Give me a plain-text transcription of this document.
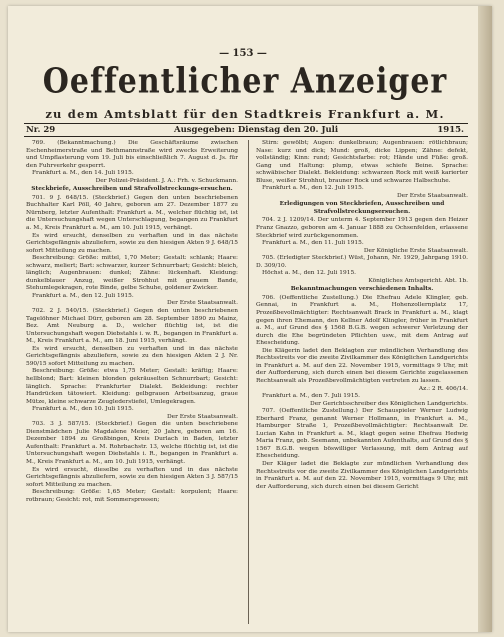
— 153 —
Oeffentlicher Anzeiger
zu dem Amtsblatt für den Stadtkreis Frankfurt a. M.
Nr. 29	Ausgegeben: Dienstag den 20. Juli	1915.

769. (Bekanntmachung.) Die Geschäftsräume zwischen Eschenheimerstraße und Bethmannstraße wird zwecks Erweiterung und Umpflasterung vom 19. Juli bis einschließlich 7. August d. Js. für den Fuhrverkehr gesperrt.

Frankfurt a. M., den 14. Juli 1915.

Der Polizei-Präsident. J. A.: Frh. v. Schuckmann.

Steckbriefe, Ausschreiben und Strafvollstreckungs-ersuchen.

701. 9 J. 648/15. (Steckbrief.) Gegen den unten beschriebenen Buchhalter Karl Pöll, 40 Jahre, geboren am 27. Dezember 1877 zu Nürnberg, letzter Aufenthalt: Frankfurt a. M., welcher flüchtig ist, ist die Untersuchungshaft wegen Unterschlagung, begangen zu Frankfurt a. M., Kreis Frankfurt a. M., am 10. Juli 1915, verhängt.

Es wird ersucht, denselben zu verhaften und in das nächste Gerichtsgefängnis abzuliefern, sowie zu den hiesigen Akten 9 J. 648/15 sofort Mitteilung zu machen.

Beschreibung: Größe: mittel, 1,70 Meter; Gestalt: schlank; Haare: schwarz, meliert; Bart: schwarzer, kurzer Schnurrbart; Gesicht: bleich, länglich; Augenbrauen: dunkel; Zähne: lückenhaft. Kleidung: dunkelblauer Anzug, weißer Strohhut mit grauem Bande, Stehumlegekragen, rote Binde, gelbe Schuhe, goldener Zwicker.

Frankfurt a. M., den 12. Juli 1915.

Der Erste Staatsanwalt.

702. 2 J. 540/15. (Steckbrief.) Gegen den unten beschriebenen Tagelöhner Michael Dürr, geboren am 28. September 1890 zu Mainz, Bez. Amt Neuburg a. D., welcher flüchtig ist, ist die Untersuchungshaft wegen Diebstahls i. w. R., begangen in Frankfurt a. M., Kreis Frankfurt a. M., am 18. Juni 1915, verhängt.

Es wird ersucht, denselben zu verhaften und in das nächste Gerichtsgefängnis abzuliefern, sowie zu den hiesigen Akten 2 J. Nr. 590/15 sofort Mitteilung zu machen.

Beschreibung: Größe: etwa 1,75 Meter; Gestalt: kräftig; Haare: hellblond; Bart: kleinen blonden gekräuselten Schnurrbart; Gesicht: länglich. Sprache: Frankfurter Dialekt. Bekleidung: rechter Handrücken tätowiert. Kleidung: gelbgrauen Arbeitsanzug, graue Mütze, kleine schwarze Zeuglederstiefel, Umlegekragen.

Frankfurt a. M., den 10. Juli 1915.

Der Erste Staatsanwalt.

703. 3 J. 587/15. (Steckbrief.) Gegen die unten beschriebene Dienstmädchen Julie Magdalene Meier, 20 Jahre, geboren am 16. Dezember 1894 zu Großbingen, Kreis Durlach in Baden, letzter Aufenthalt: Frankfurt a. M. Rohrbachstr. 13, welche flüchtig ist, ist die Untersuchungshaft wegen Diebstahls i. R., begangen in Frankfurt a. M., Kreis Frankfurt a. M., am 10. Juli 1915, verhängt.

Es wird ersucht, dieselbe zu verhaften und in das nächste Gerichtsgefängnis abzuliefern, sowie zu den hiesigen Akten 3 J. 587/15 sofort Mitteilung zu machen.

Beschreibung: Größe: 1,65 Meter; Gestalt: korpulent; Haare: rotbraun; Gesicht: rot, mit Sommersprossen;

Stirn: gewölbt; Augen: dunkelbraun; Augenbrauen: rötlichbraun; Nase: kurz und dick; Mund: groß, dicke Lippen; Zähne: defekt, vollständig; Kinn: rund; Gesichtsfarbe: rot; Hände und Füße: groß. Gang und Haltung: plump, etwas schiefe Beine. Sprache: schwäbischer Dialekt. Bekleidung: schwarzen Rock mit weiß karierter Bluse, weißer Strohhut, brauner Rock und schwarze Halbschuhe.

Frankfurt a. M., den 12. Juli 1915.

Der Erste Staatsanwalt.

Erledigungen von Steckbriefen, Ausschreiben und Strafvollstreckungsersuchen.

704. 2 J. 1209/14. Der unterm 4. September 1913 gegen den Heizer Franz Gnazzo, geboren am 4. Januar 1888 zu Ochsenfelden, erlassene Steckbrief wird zurückgenommen.

Frankfurt a. M., den 11. Juli 1915.

Der Königliche Erste Staatsanwalt.

705. (Erledigter Steckbrief.) Wüst, Johann, Nr. 1929, Jahrgang 1910. D. 309/10.

Höchst a. M., den 12. Juli 1915.

Königliches Amtsgericht. Abt. 1b.

Bekanntmachungen verschiedenen Inhalts.

706. (Oeffentliche Zustellung.) Die Ehefrau Adele Klingler, geb. Gennai, in Frankfurt a. M., Hohenzollernplatz 17, Prozeßbevollmächtigter: Rechtsanwalt Brack in Frankfurt a. M., klagt gegen ihren Ehemann, den Kellner Adolf Klingler, früher in Frankfurt a. M., auf Grund des § 1568 B.G.B. wegen schwerer Verletzung der durch die Ehe begründeten Pflichten usw., mit dem Antrag auf Ehescheidung.

Die Klägerin ladet den Beklagten zur mündlichen Verhandlung des Rechtsstreits vor die zweite Zivilkammer des Königlichen Landgerichts in Frankfurt a. M. auf den 22. November 1915, vormittags 9 Uhr, mit der Aufforderung, sich durch einen bei diesem Gerichte zugelassenen Rechtsanwalt als Prozeßbevollmächtigten vertreten zu lassen.

Az.: 2 R. 406/14.

Frankfurt a. M., den 7. Juli 1915.

Der Gerichtsschreiber des Königlichen Landgerichts.

707. (Oeffentliche Zustellung.) Der Schauspieler Werner Ludwig Eberhard Franz, genannt Werner Hollmann, in Frankfurt a. M., Hamburger Straße 1, Prozeßbevollmächtigter: Rechtsanwalt Dr. Lucian Kahn in Frankfurt a. M., klagt gegen seine Ehefrau Hedwig Maria Franz, geb. Seemann, unbekannten Aufenthalts, auf Grund des § 1567 B.G.B. wegen böswilliger Verlassung, mit dem Antrag auf Ehescheidung.

Der Kläger ladet die Beklagte zur mündlichen Verhandlung des Rechtsstreits vor die zweite Zivilkammer des Königlichen Landgerichts in Frankfurt a. M. auf den 22. November 1915, vormittags 9 Uhr, mit der Aufforderung, sich durch einen bei diesem Gericht
